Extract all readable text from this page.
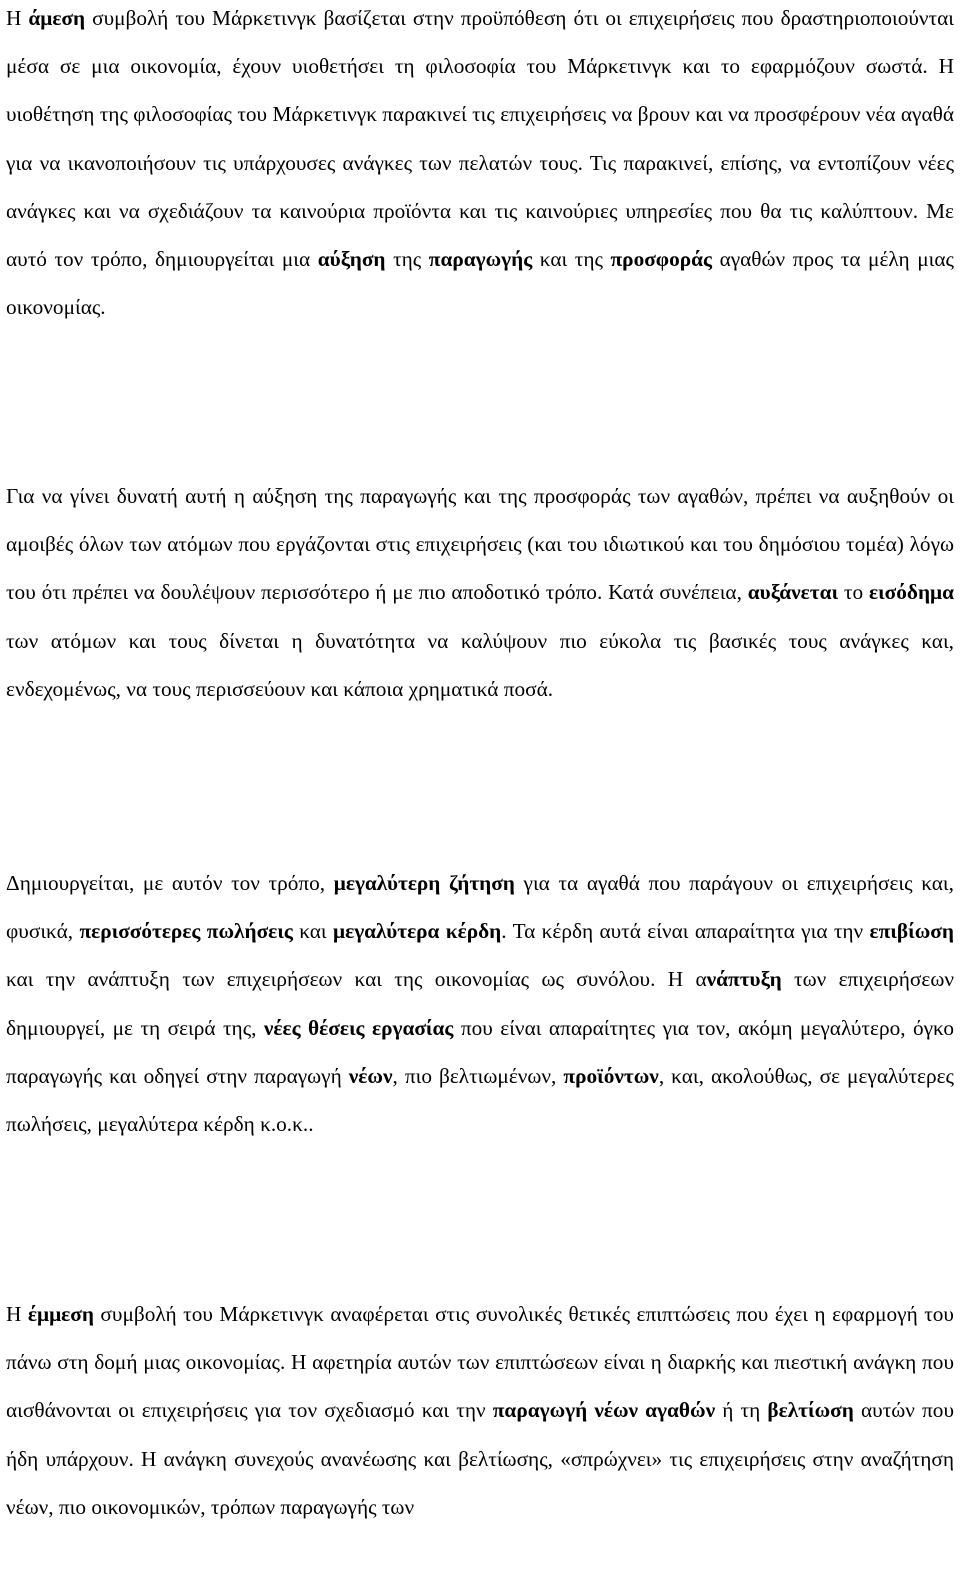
Η άμεση συμβολή του Μάρκετινγκ βασίζεται στην προϋπόθεση ότι οι επιχειρήσεις που δραστηριοποιούνται μέσα σε μια οικονομία, έχουν υιοθετήσει τη φιλοσοφία του Μάρκετινγκ και το εφαρμόζουν σωστά. Η υιοθέτηση της φιλοσοφίας του Μάρκετινγκ παρακινεί τις επιχειρήσεις να βρουν και να προσφέρουν νέα αγαθά για να ικανοποιήσουν τις υπάρχουσες ανάγκες των πελατών τους. Τις παρακινεί, επίσης, να εντοπίζουν νέες ανάγκες και να σχεδιάζουν τα καινούρια προϊόντα και τις καινούριες υπηρεσίες που θα τις καλύπτουν. Με αυτό τον τρόπο, δημιουργείται μια αύξηση της παραγωγής και της προσφοράς αγαθών προς τα μέλη μιας οικονομίας.

Για να γίνει δυνατή αυτή η αύξηση της παραγωγής και της προσφοράς των αγαθών, πρέπει να αυξηθούν οι αμοιβές όλων των ατόμων που εργάζονται στις επιχειρήσεις (και του ιδιωτικού και του δημόσιου τομέα) λόγω του ότι πρέπει να δουλέψουν περισσότερο ή με πιο αποδοτικό τρόπο. Κατά συνέπεια, αυξάνεται το εισόδημα των ατόμων και τους δίνεται η δυνατότητα να καλύψουν πιο εύκολα τις βασικές τους ανάγκες και, ενδεχομένως, να τους περισσεύουν και κάποια χρηματικά ποσά.

Δημιουργείται, με αυτόν τον τρόπο, μεγαλύτερη ζήτηση για τα αγαθά που παράγουν οι επιχειρήσεις και, φυσικά, περισσότερες πωλήσεις και μεγαλύτερα κέρδη. Τα κέρδη αυτά είναι απαραίτητα για την επιβίωση και την ανάπτυξη των επιχειρήσεων και της οικονομίας ως συνόλου. Η ανάπτυξη των επιχειρήσεων δημιουργεί, με τη σειρά της, νέες θέσεις εργασίας που είναι απαραίτητες για τον, ακόμη μεγαλύτερο, όγκο παραγωγής και οδηγεί στην παραγωγή νέων, πιο βελτιωμένων, προϊόντων, και, ακολούθως, σε μεγαλύτερες πωλήσεις, μεγαλύτερα κέρδη κ.ο.κ..

Η έμμεση συμβολή του Μάρκετινγκ αναφέρεται στις συνολικές θετικές επιπτώσεις που έχει η εφαρμογή του πάνω στη δομή μιας οικονομίας. Η αφετηρία αυτών των επιπτώσεων είναι η διαρκής και πιεστική ανάγκη που αισθάνονται οι επιχειρήσεις για τον σχεδιασμό και την παραγωγή νέων αγαθών ή τη βελτίωση αυτών που ήδη υπάρχουν. Η ανάγκη συνεχούς ανανέωσης και βελτίωσης, «σπρώχνει» τις επιχειρήσεις στην αναζήτηση νέων, πιο οικονομικών, τρόπων παραγωγής των
